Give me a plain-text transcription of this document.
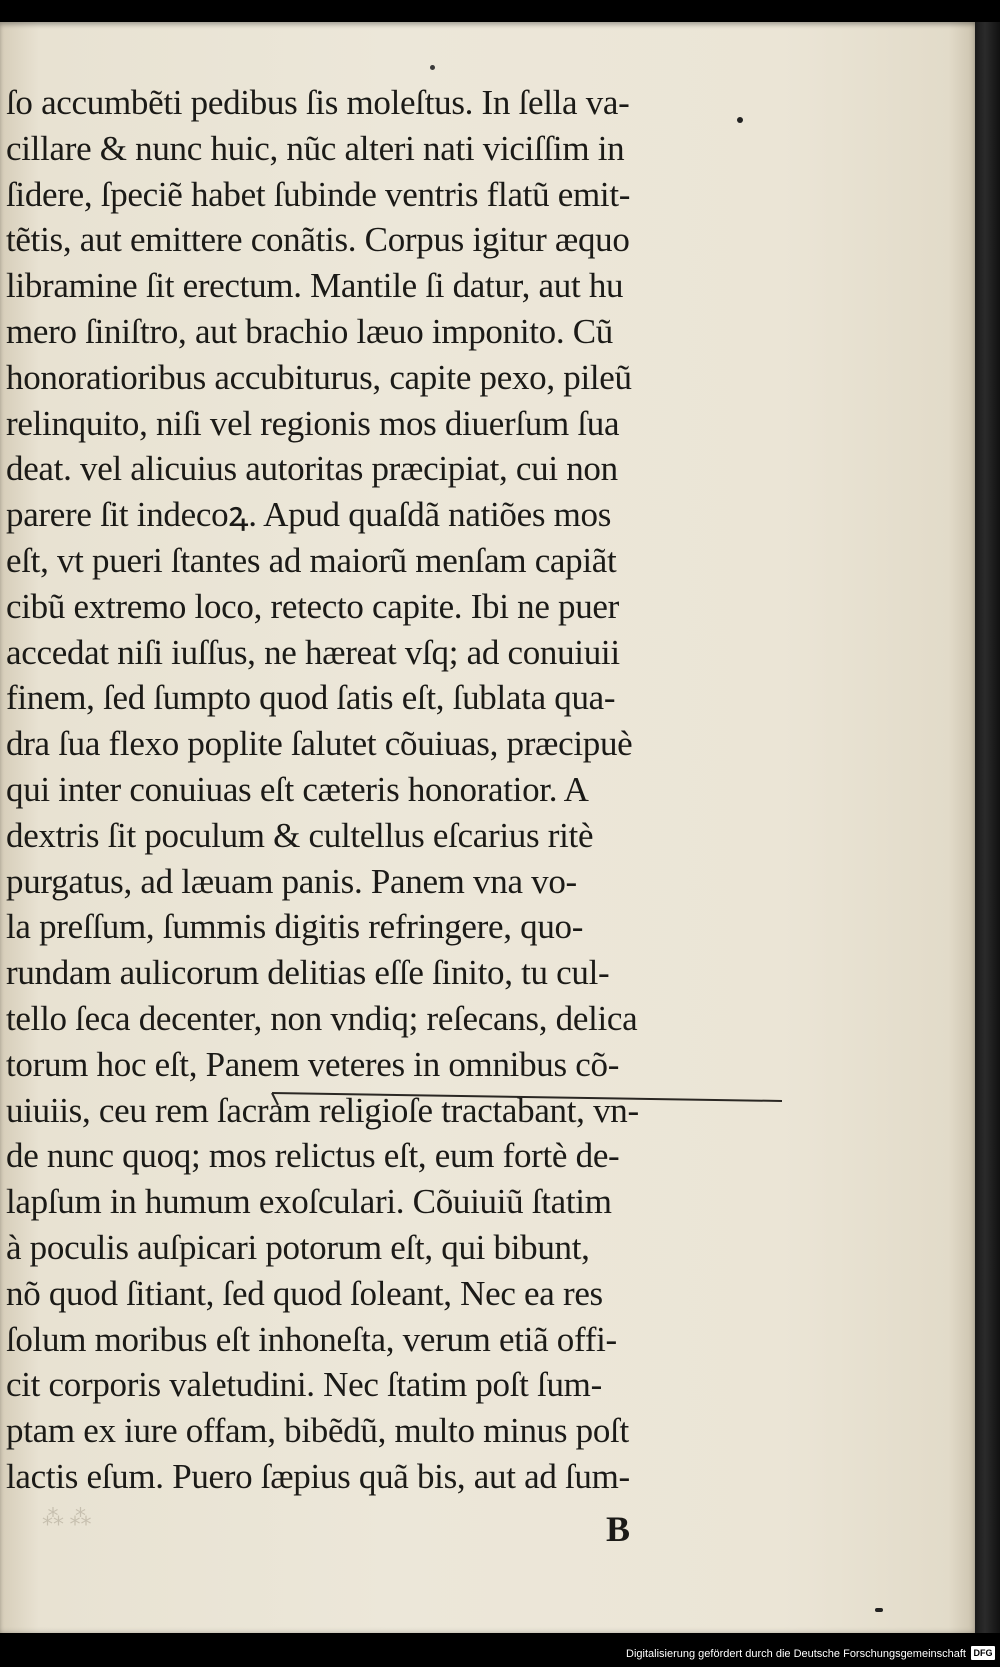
ſo accumbẽti pedibus ſis moleſtus. In ſella va-
cillare & nunc huic, nũc alteri nati viciſſim in
ſidere, ſpeciẽ habet ſubinde ventris flatũ emit-
tẽtis, aut emittere conãtis. Corpus igitur æquo
libramine ſit erectum. Mantile ſi datur, aut hu
mero ſiniſtro, aut brachio læuo imponito. Cũ
honoratioribus accubiturus, capite pexo, pileũ
relinquito, niſi vel regionis mos diuerſum ſua
deat. vel alicuius autoritas præcipiat, cui non
parere ſit indecoꝝ. Apud quaſdã natiões mos
eſt, vt pueri ſtantes ad maiorũ menſam capiãt
cibũ extremo loco, retecto capite. Ibi ne puer
accedat niſi iuſſus, ne hæreat vſq; ad conuiuii
finem, ſed ſumpto quod ſatis eſt, ſublata qua-
dra ſua flexo poplite ſalutet cõuiuas, præcipuè
qui inter conuiuas eſt cæteris honoratior. A
dextris ſit poculum & cultellus eſcarius ritè
purgatus, ad læuam panis. Panem vna vo-
la preſſum, ſummis digitis refringere, quo-
rundam aulicorum delitias eſſe ſinito, tu cul-
tello ſeca decenter, non vndiq; reſecans, delica
torum hoc eſt, Panem veteres in omnibus cõ-
uiuiis, ceu rem ſacram religioſe tractabant, vn-
de nunc quoq; mos relictus eſt, eum fortè de-
lapſum in humum exoſculari. Cõuiuiũ ſtatim
à poculis auſpicari potorum eſt, qui bibunt,
nõ quod ſitiant, ſed quod ſoleant, Nec ea res
ſolum moribus eſt inhoneſta, verum etiã offi-
cit corporis valetudini. Nec ſtatim poſt ſum-
ptam ex iure offam, bibẽdũ, multo minus poſt
lactis eſum. Puero ſæpius quã bis, aut ad ſum-
⁂ ⁂	B
Digitalisierung gefördert durch die Deutsche Forschungsgemeinschaft DFG
